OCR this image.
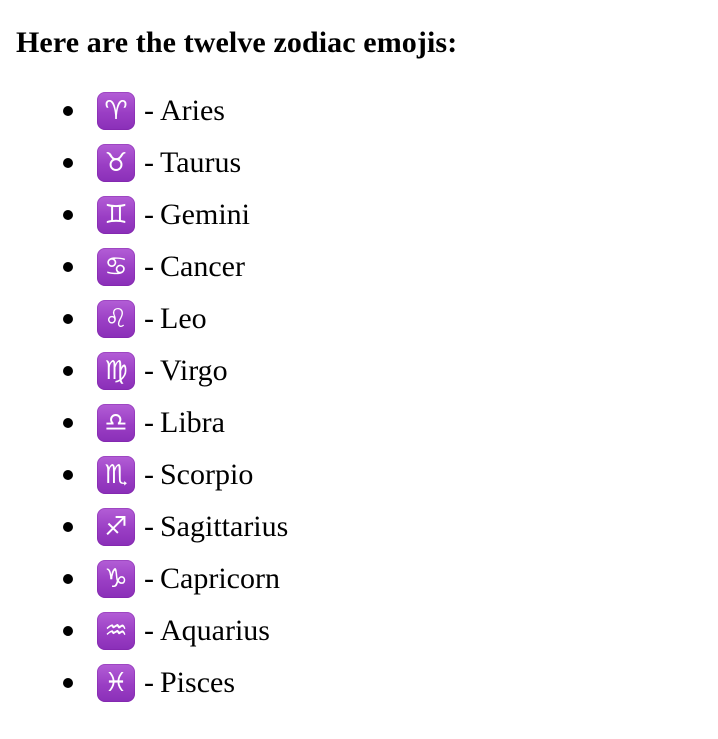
Here are the twelve zodiac emojis:
♈ - Aries
♉ - Taurus
♊ - Gemini
♋ - Cancer
♌ - Leo
♍ - Virgo
♎ - Libra
♏ - Scorpio
♐ - Sagittarius
♑ - Capricorn
♒ - Aquarius
♓ - Pisces
